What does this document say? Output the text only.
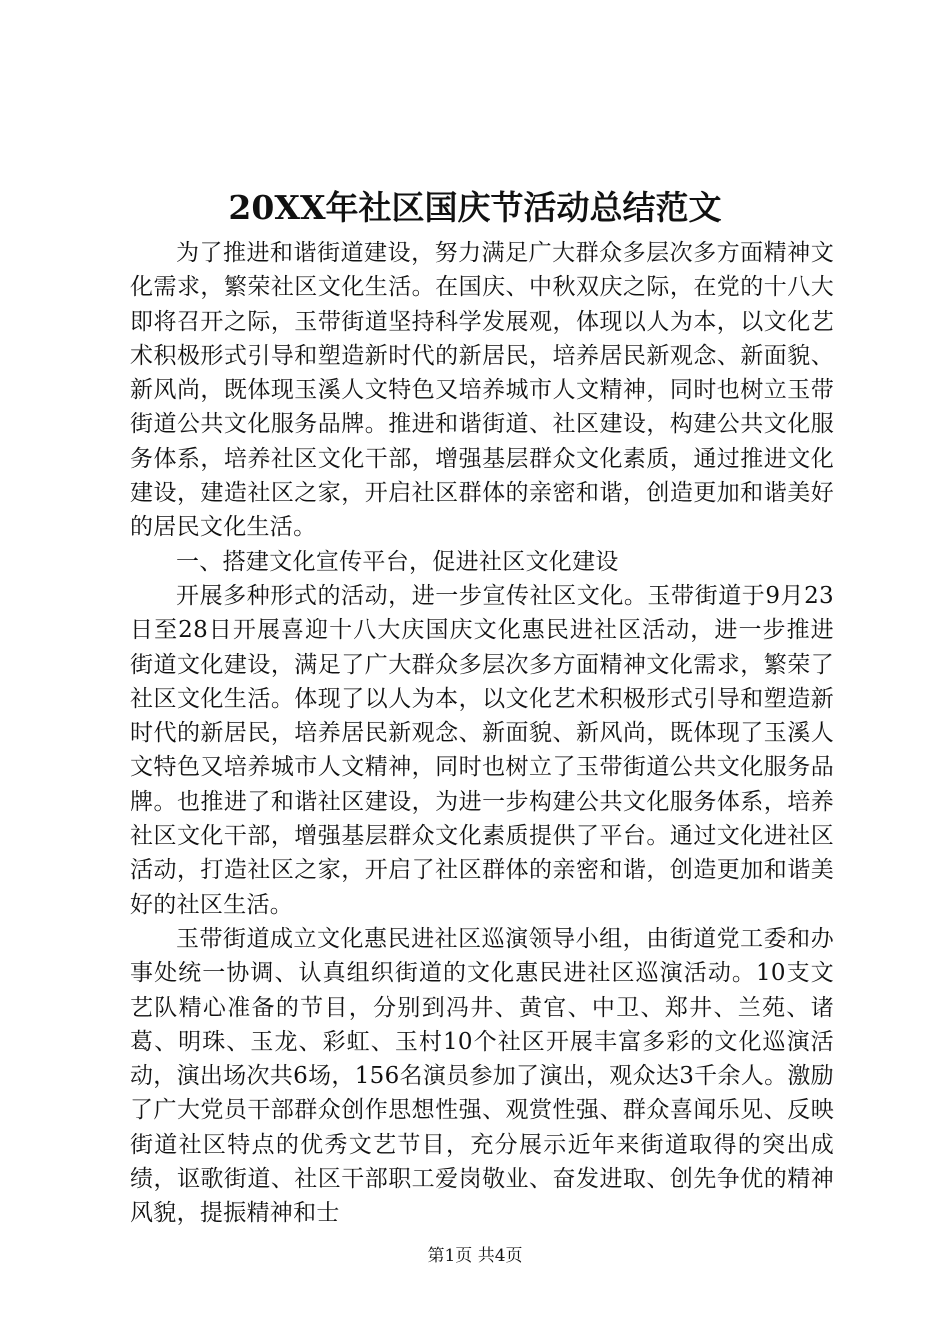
20XX年社区国庆节活动总结范文

为了推进和谐街道建设，努力满足广大群众多层次多方面精神文化需求，繁荣社区文化生活。在国庆、中秋双庆之际，在党的十八大即将召开之际，玉带街道坚持科学发展观，体现以人为本，以文化艺术积极形式引导和塑造新时代的新居民，培养居民新观念、新面貌、新风尚，既体现玉溪人文特色又培养城市人文精神，同时也树立玉带街道公共文化服务品牌。推进和谐街道、社区建设，构建公共文化服务体系，培养社区文化干部，增强基层群众文化素质，通过推进文化建设，建造社区之家，开启社区群体的亲密和谐，创造更加和谐美好的居民文化生活。

一、搭建文化宣传平台，促进社区文化建设

开展多种形式的活动，进一步宣传社区文化。玉带街道于9月23日至28日开展喜迎十八大庆国庆文化惠民进社区活动，进一步推进街道文化建设，满足了广大群众多层次多方面精神文化需求，繁荣了社区文化生活。体现了以人为本，以文化艺术积极形式引导和塑造新时代的新居民，培养居民新观念、新面貌、新风尚，既体现了玉溪人文特色又培养城市人文精神，同时也树立了玉带街道公共文化服务品牌。也推进了和谐社区建设，为进一步构建公共文化服务体系，培养社区文化干部，增强基层群众文化素质提供了平台。通过文化进社区活动，打造社区之家，开启了社区群体的亲密和谐，创造更加和谐美好的社区生活。

玉带街道成立文化惠民进社区巡演领导小组，由街道党工委和办事处统一协调、认真组织街道的文化惠民进社区巡演活动。10支文艺队精心准备的节目，分别到冯井、黄官、中卫、郑井、兰苑、诸葛、明珠、玉龙、彩虹、玉村10个社区开展丰富多彩的文化巡演活动，演出场次共6场，156名演员参加了演出，观众达3千余人。激励了广大党员干部群众创作思想性强、观赏性强、群众喜闻乐见、反映街道社区特点的优秀文艺节目，充分展示近年来街道取得的突出成绩，讴歌街道、社区干部职工爱岗敬业、奋发进取、创先争优的精神风貌，提振精神和士

第1页 共4页
